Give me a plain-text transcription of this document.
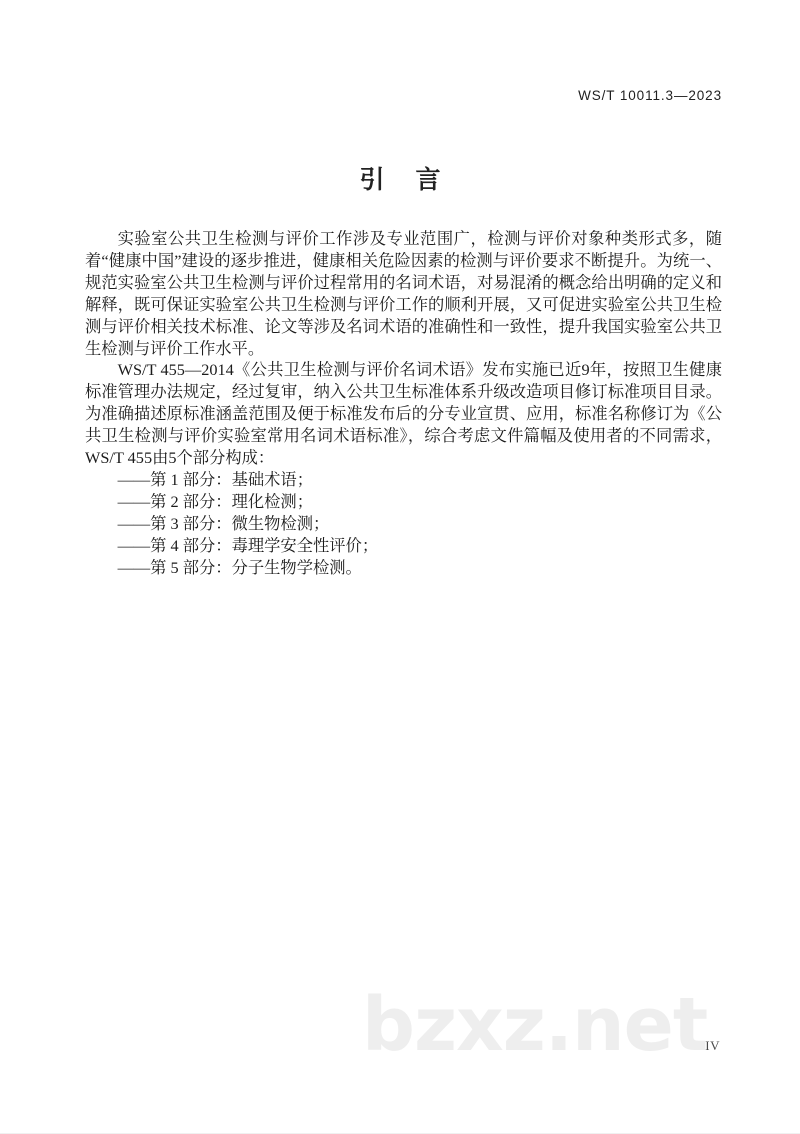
WS/T 10011.3—2023
引 言

实验室公共卫生检测与评价工作涉及专业范围广，检测与评价对象种类形式多，随着“健康中国”建设的逐步推进，健康相关危险因素的检测与评价要求不断提升。为统一、规范实验室公共卫生检测与评价过程常用的名词术语，对易混淆的概念给出明确的定义和解释，既可保证实验室公共卫生检测与评价工作的顺利开展，又可促进实验室公共卫生检测与评价相关技术标准、论文等涉及名词术语的准确性和一致性，提升我国实验室公共卫生检测与评价工作水平。

WS/T 455—2014《公共卫生检测与评价名词术语》发布实施已近9年，按照卫生健康标准管理办法规定，经过复审，纳入公共卫生标准体系升级改造项目修订标准项目目录。为准确描述原标准涵盖范围及便于标准发布后的分专业宣贯、应用，标准名称修订为《公共卫生检测与评价实验室常用名词术语标准》，综合考虑文件篇幅及使用者的不同需求，WS/T 455由5个部分构成：

——第 1 部分：基础术语；
——第 2 部分：理化检测；
——第 3 部分：微生物检测；
——第 4 部分：毒理学安全性评价；
——第 5 部分：分子生物学检测。
bzxz.net
IV
